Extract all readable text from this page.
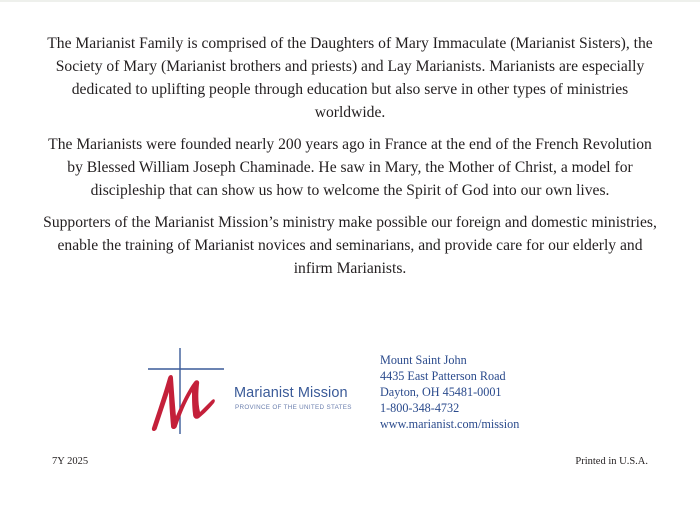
The Marianist Family is comprised of the Daughters of Mary Immaculate (Marianist Sisters), the Society of Mary (Marianist brothers and priests) and Lay Marianists. Marianists are especially dedicated to uplifting people through education but also serve in other types of ministries worldwide.

The Marianists were founded nearly 200 years ago in France at the end of the French Revolution by Blessed William Joseph Chaminade. He saw in Mary, the Mother of Christ, a model for discipleship that can show us how to welcome the Spirit of God into our own lives.

Supporters of the Marianist Mission’s ministry make possible our foreign and domestic ministries, enable the training of Marianist novices and seminarians, and provide care for our elderly and infirm Marianists.

Marianist Mission
PROVINCE OF THE UNITED STATES
Mount Saint John
4435 East Patterson Road
Dayton, OH 45481-0001
1-800-348-4732
www.marianist.com/mission
7Y 2025	Printed in U.S.A.
